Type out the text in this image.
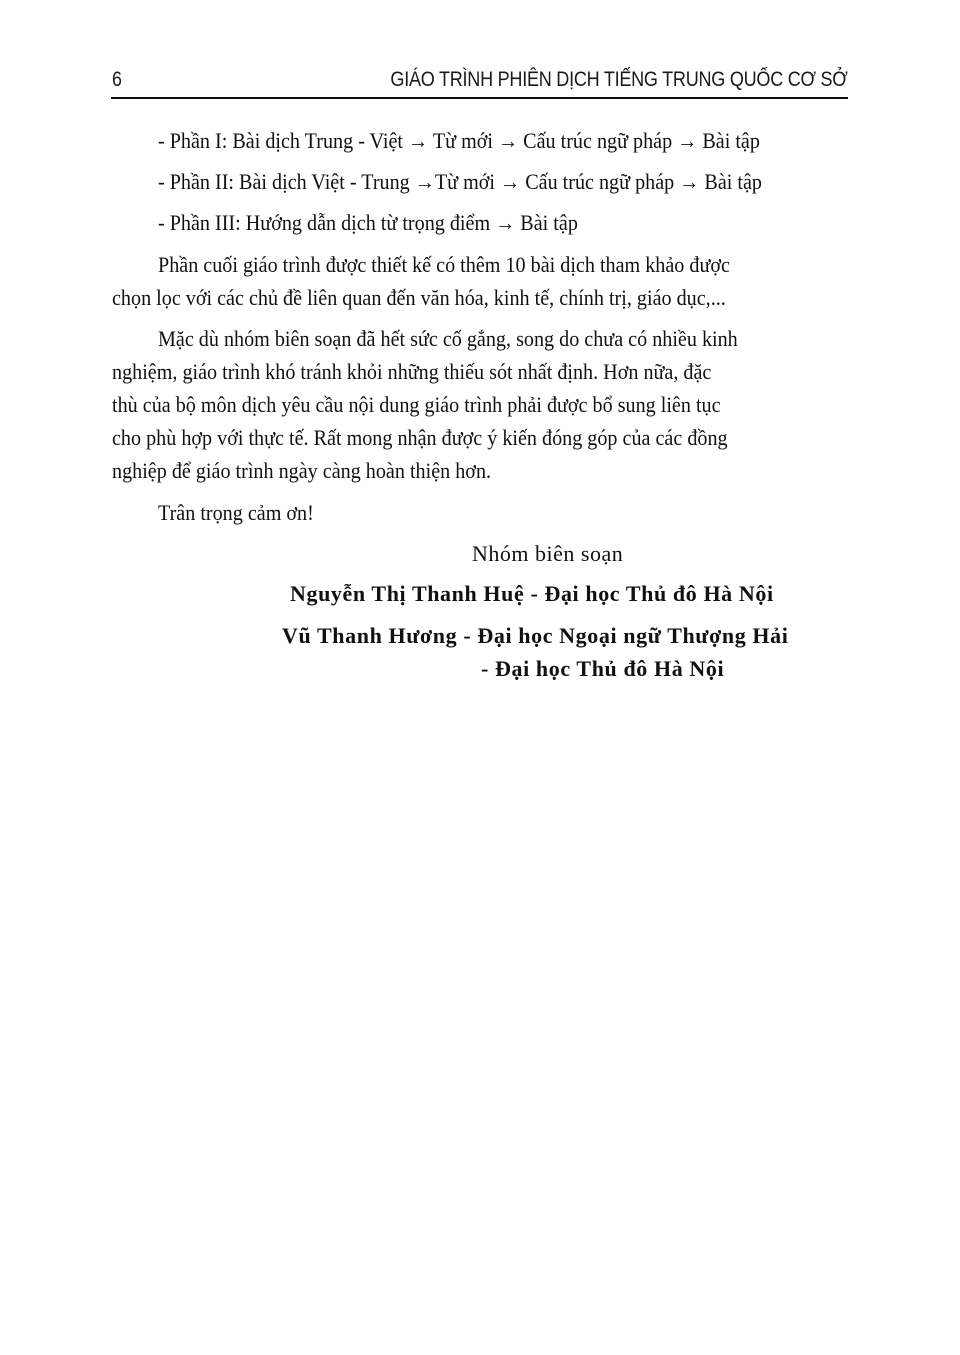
6	GIÁO TRÌNH PHIÊN DỊCH TIẾNG TRUNG QUỐC CƠ SỞ
- Phần I: Bài dịch Trung - Việt → Từ mới → Cấu trúc ngữ pháp → Bài tập
- Phần II: Bài dịch Việt - Trung →Từ mới → Cấu trúc ngữ pháp → Bài tập
- Phần III: Hướng dẫn dịch từ trọng điểm → Bài tập
Phần cuối giáo trình được thiết kế có thêm 10 bài dịch tham khảo được
chọn lọc với các chủ đề liên quan đến văn hóa, kinh tế, chính trị, giáo dục,...
Mặc dù nhóm biên soạn đã hết sức cố gắng, song do chưa có nhiều kinh
nghiệm, giáo trình khó tránh khỏi những thiếu sót nhất định. Hơn nữa, đặc
thù của bộ môn dịch yêu cầu nội dung giáo trình phải được bổ sung liên tục
cho phù hợp với thực tế. Rất mong nhận được ý kiến đóng góp của các đồng
nghiệp để giáo trình ngày càng hoàn thiện hơn.
Trân trọng cảm ơn!
Nhóm biên soạn
Nguyễn Thị Thanh Huệ - Đại học Thủ đô Hà Nội
Vũ Thanh Hương - Đại học Ngoại ngữ Thượng Hải
- Đại học Thủ đô Hà Nội
